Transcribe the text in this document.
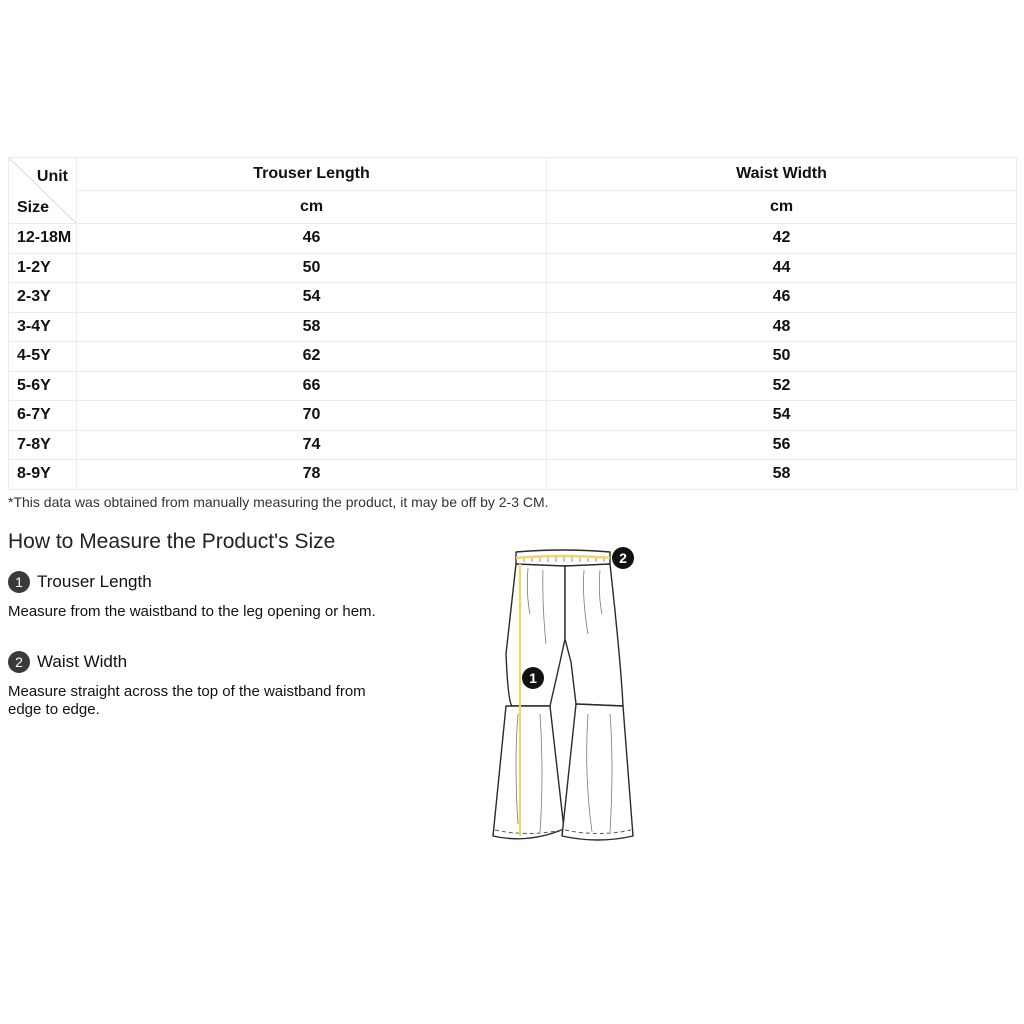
Unit
Size	Trouser Length	Waist Width
	cm	cm
12-18M	46	42
1-2Y	50	44
2-3Y	54	46
3-4Y	58	48
4-5Y	62	50
5-6Y	66	52
6-7Y	70	54
7-8Y	74	56
8-9Y	78	58
*This data was obtained from manually measuring the product, it may be off by 2-3 CM.
How to Measure the Product's Size
1 Trouser Length
Measure from the waistband to the leg opening or hem.
2 Waist Width
Measure straight across the top of the waistband from edge to edge.
1
2
